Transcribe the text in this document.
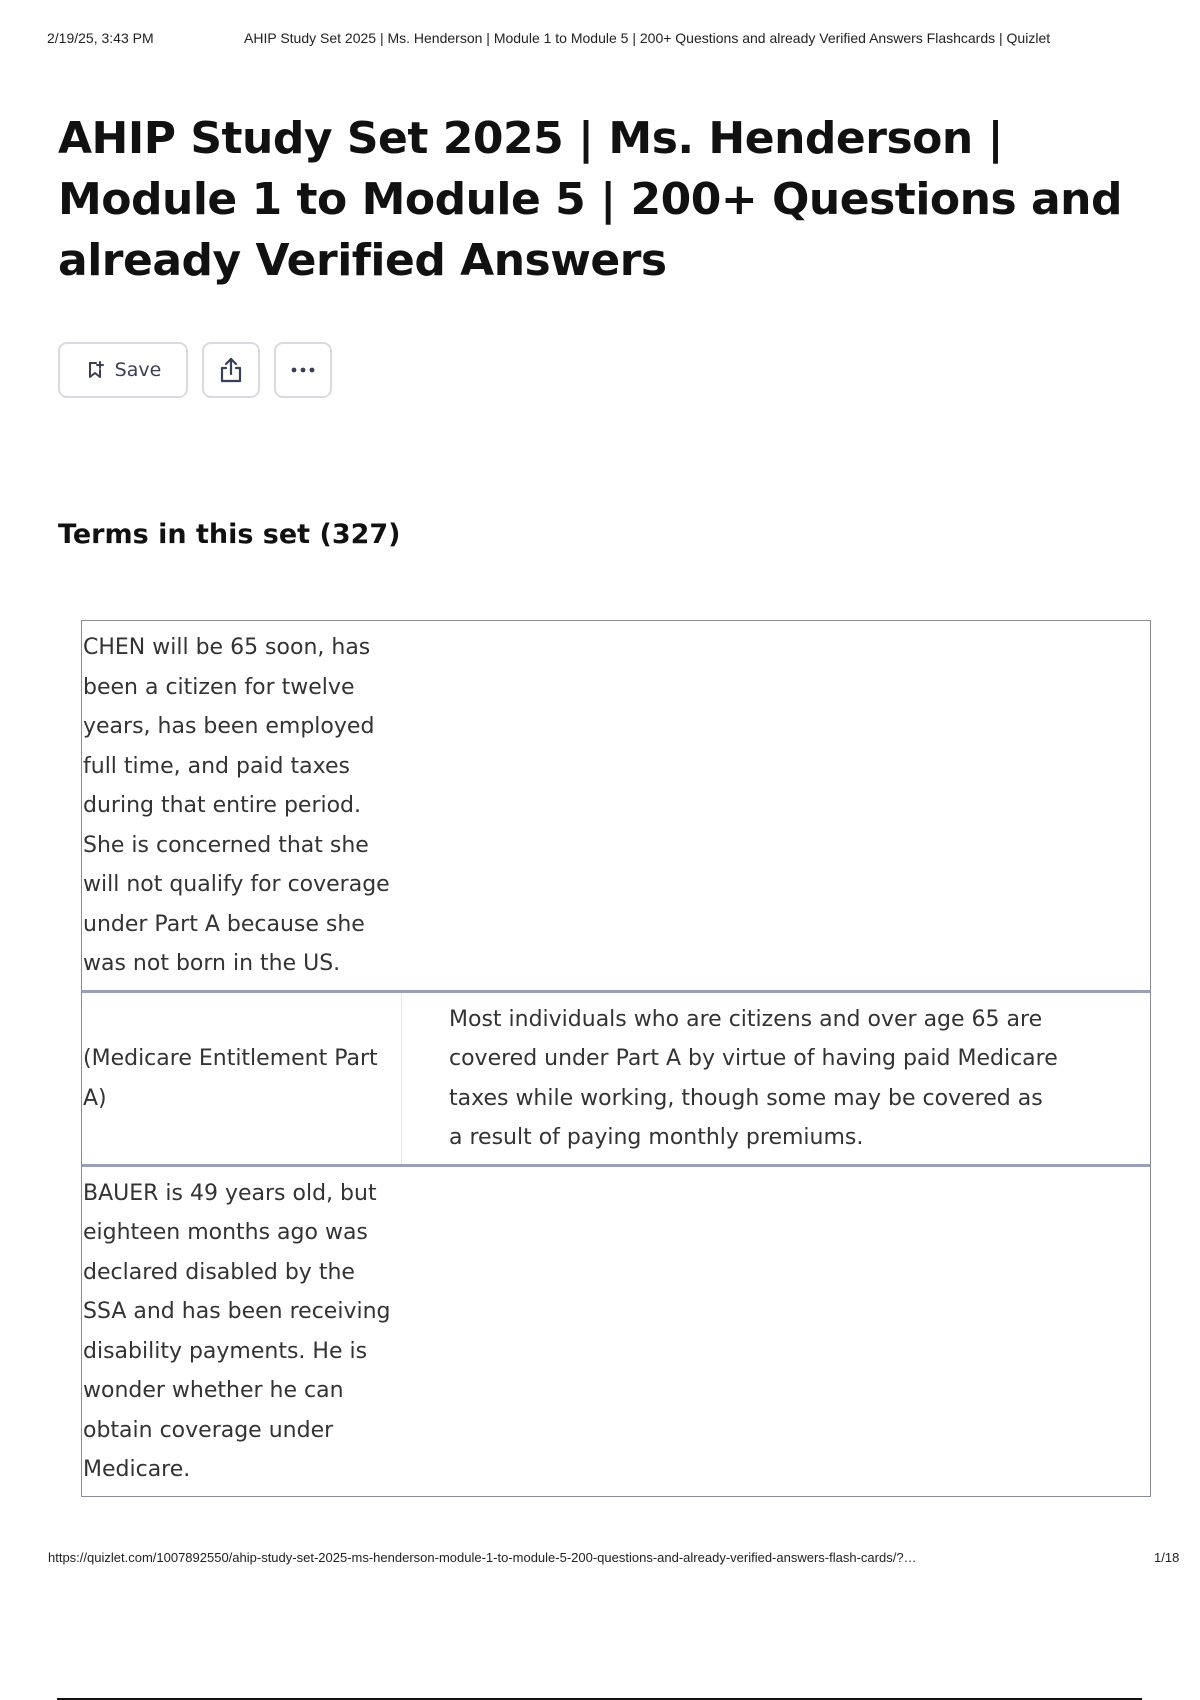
2/19/25, 3:43 PM	AHIP Study Set 2025 | Ms. Henderson | Module 1 to Module 5 | 200+ Questions and already Verified Answers Flashcards | Quizlet
AHIP Study Set 2025 | Ms. Henderson | Module 1 to Module 5 | 200+ Questions and already Verified Answers
Save
Terms in this set (327)
CHEN will be 65 soon, has been a citizen for twelve years, has been employed full time, and paid taxes during that entire period. She is concerned that she will not qualify for coverage under Part A because she was not born in the US.
(Medicare Entitlement Part A)
Most individuals who are citizens and over age 65 are covered under Part A by virtue of having paid Medicare taxes while working, though some may be covered as a result of paying monthly premiums.
BAUER is 49 years old, but eighteen months ago was declared disabled by the SSA and has been receiving disability payments. He is wonder whether he can obtain coverage under Medicare.
https://quizlet.com/1007892550/ahip-study-set-2025-ms-henderson-module-1-to-module-5-200-questions-and-already-verified-answers-flash-cards/?…	1/18
